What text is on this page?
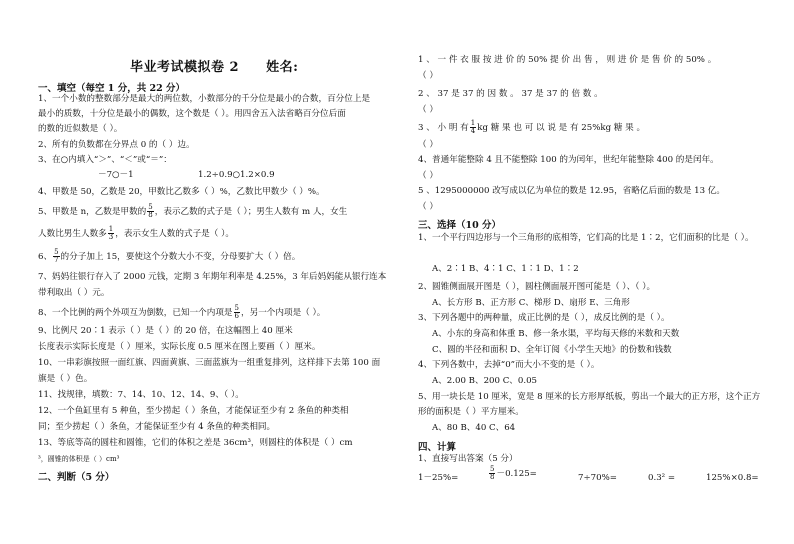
毕业考试模拟卷 2 姓名:
一、填空（每空 1 分，共 22 分）
1、一个小数的整数部分是最大的两位数，小数部分的千分位是最小的合数，百分位上是
最小的质数，十分位是最小的偶数，这个数是（ ）。用四舍五入法省略百分位后面
的数的近似数是（ ）。
2、所有的负数都在分界点 0 的（ ）边。
3、在○内填入“＞”、“＜”或“＝”：
－7○－1	1.2÷0.9○1.2×0.9
4、甲数是 50，乙数是 20，甲数比乙数多（ ）%，乙数比甲数少（ ）%。
5、甲数是 n，乙数是甲数的 $\frac{5}{8}$ ，表示乙数的式子是（ ）；男生人数有 m 人，女生
人数比男生人数多 $\frac{1}{3}$ ，表示女生人数的式子是（ ）。
6、 $\frac{5}{7}$ 的分子加上 15，要使这个分数大小不变，分母要扩大（ ）倍。
7、妈妈往银行存入了 2000 元钱，定期 3 年期年利率是 4.25%，3 年后妈妈能从银行连本
带利取出（ ）元。
8、一个比例的两个外项互为倒数，已知一个内项是 $\frac{5}{6}$ ，另一个内项是（ ）。
9、比例尺 20∶1 表示（ ）是（ ）的 20 倍，在这幅图上 40 厘米
长度表示实际长度是（ ）厘米，实际长度 0.5 厘米在图上要画（ ）厘米。
10、一串彩旗按照一面红旗、四面黄旗、三面蓝旗为一组重复排列，这样排下去第 100 面
旗是（ ）色。
11、找规律，填数：7、14、10、12、14、9、（ ）。
12、一个鱼缸里有 5 种鱼，至少捞起（ ）条鱼，才能保证至少有 2 条鱼的种类相
同；至少捞起（ ）条鱼，才能保证至少有 4 条鱼的种类相同。
13、等底等高的圆柱和圆锥，它们的体积之差是 36cm³，则圆柱的体积是（ ）cm
³，圆锥的体积是（ ）cm³
二、判断（5 分）
1 、 一 件 衣 服 按 进 价 的 50% 提 价 出 售 ， 则 进 价 是 售 价 的 50% 。
（ ）
2 、 37 是 37 的 因 数 。 37 是 37 的 倍 数 。
（ ）
3 、 小 明 有 $\frac{1}{4}$ kg 糖 果 也 可 以 说 是 有 25%kg 糖 果 。
（ ）
4、普通年能整除 4 且不能整除 100 的为闰年，世纪年能整除 400 的是闰年。
（ ）
5 、1295000000 改写成以亿为单位的数是 12.95，省略亿后面的数是 13 亿。
（ ）
三、选择（10 分）
1、一个平行四边形与一个三角形的底相等，它们高的比是 1∶2，它们面积的比是（ ）。
A、2∶1 B、4∶1 C、1∶1 D、1∶2
2、圆锥侧面展开图是（ ），圆柱侧面展开图可能是（ ）、（ ）。
A、长方形 B、正方形 C、梯形 D、扇形 E、三角形
3、下列各题中的两种量，成正比例的是（ ），成反比例的是（ ）。
A、小东的身高和体重 B、修一条水渠，平均每天修的米数和天数
C、圆的半径和面积 D、全年订阅《小学生天地》的份数和钱数
4、下列各数中，去掉“0”而大小不变的是（ ）。
A、2.00 B、200 C、0.05
5、用一块长是 10 厘米，宽是 8 厘米的长方形厚纸板，剪出一个最大的正方形，这个正方
形的面积是（ ）平方厘米。
A、80 B、40 C、64
四、计算
1、直接写出答案（5 分）
1－25%=	$\frac{5}{8} -0.125=$	7÷70%=	0.3² =	125%×0.8=
